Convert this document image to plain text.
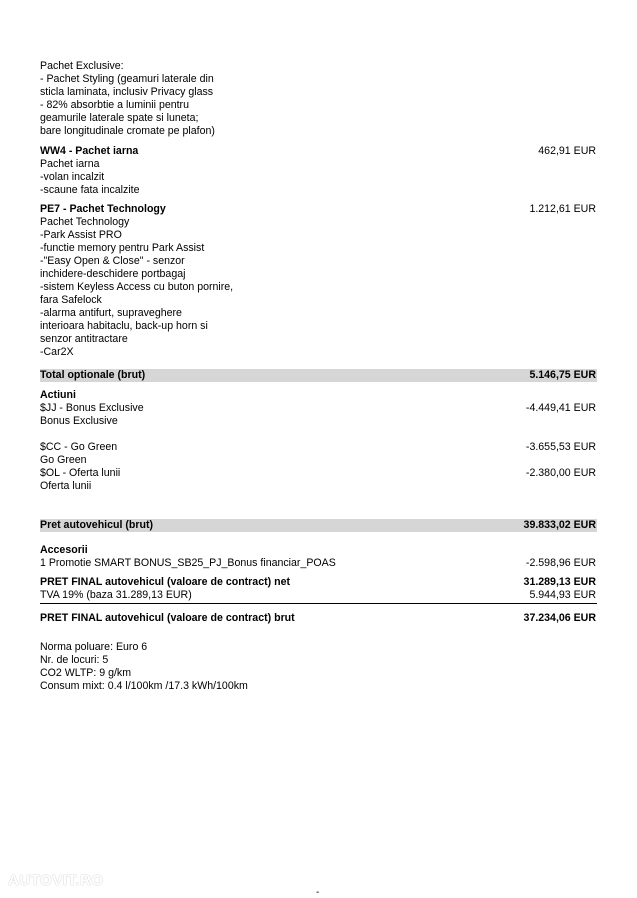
Pachet Exclusive:
- Pachet Styling (geamuri laterale din
sticla laminata, inclusiv Privacy glass
- 82% absorbtie a luminii pentru
geamurile laterale spate si luneta;
bare longitudinale cromate pe plafon)
WW4 - Pachet iarna	462,91 EUR
Pachet iarna
-volan incalzit
-scaune fata incalzite
PE7 - Pachet Technology	1.212,61 EUR
Pachet Technology
-Park Assist PRO
-functie memory pentru Park Assist
-"Easy Open & Close" - senzor
inchidere-deschidere portbagaj
-sistem Keyless Access cu buton pornire,
fara Safelock
-alarma antifurt, supraveghere
interioara habitaclu, back-up horn si
senzor antitractare
-Car2X
Total optionale (brut)	5.146,75 EUR
Actiuni
$JJ - Bonus Exclusive	-4.449,41 EUR
Bonus Exclusive
$CC - Go Green	-3.655,53 EUR
Go Green
$OL - Oferta lunii	-2.380,00 EUR
Oferta lunii
Pret autovehicul (brut)	39.833,02 EUR
Accesorii
1 Promotie SMART BONUS_SB25_PJ_Bonus financiar_POAS	-2.598,96 EUR
PRET FINAL autovehicul (valoare de contract) net	31.289,13 EUR
TVA 19% (baza 31.289,13 EUR)	5.944,93 EUR
PRET FINAL autovehicul (valoare de contract) brut	37.234,06 EUR
Norma poluare: Euro 6
Nr. de locuri: 5
CO2 WLTP: 9 g/km
Consum mixt: 0.4 l/100km /17.3 kWh/100km
AUTOVIT.RO
-
